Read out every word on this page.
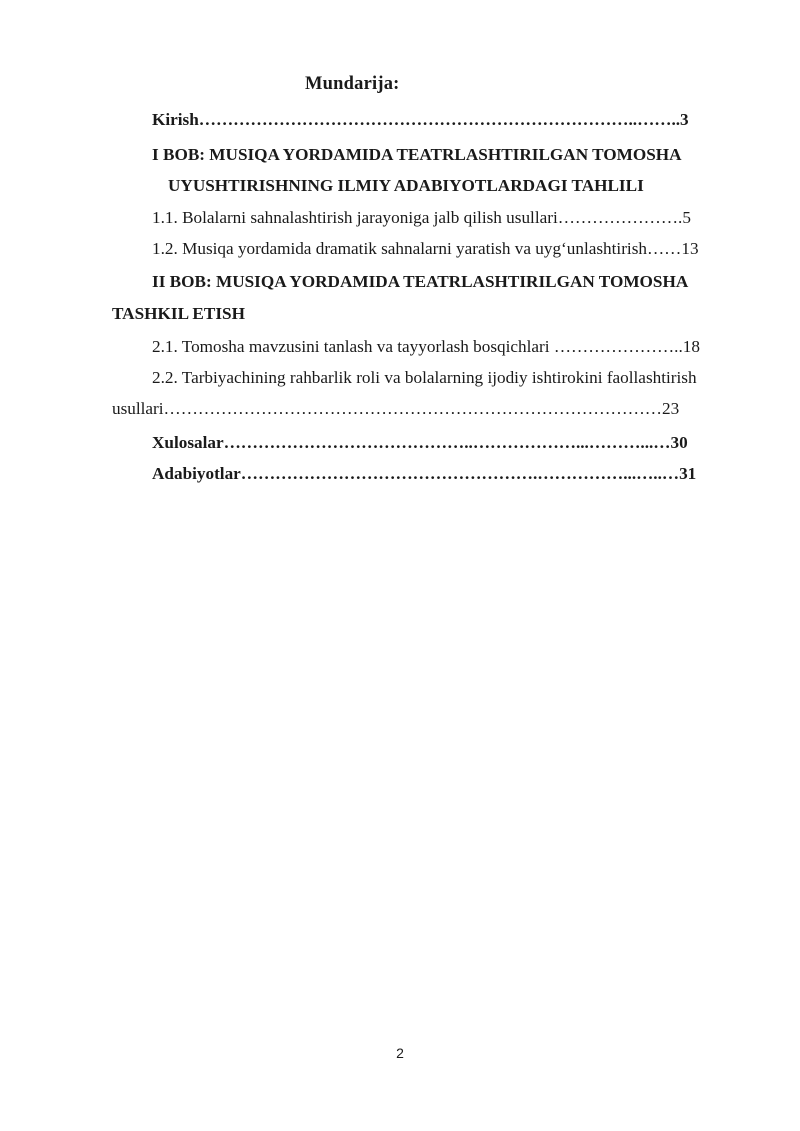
Mundarija:
Kirish…………………………………………………………………..……..3
I BOB: MUSIQA YORDAMIDA TEATRLASHTIRILGAN TOMOSHA
UYUSHTIRISHNING ILMIY ADABIYOTLARDAGI TAHLILI
1.1. Bolalarni sahnalashtirish jarayoniga jalb qilish usullari………………….5
1.2. Musiqa yordamida dramatik sahnalarni yaratish va uyg‘unlashtirish……13
II BOB: MUSIQA YORDAMIDA TEATRLASHTIRILGAN TOMOSHA
TASHKIL ETISH
2.1. Tomosha mavzusini tanlash va tayyorlash bosqichlari …………………..18
2.2. Tarbiyachining rahbarlik roli va bolalarning ijodiy ishtirokini faollashtirish
usullari……………………………………………………………………………23
Xulosalar……………………………………..………………...………...…30
Adabiyotlar…………………………………………….……………...…..…31
2
